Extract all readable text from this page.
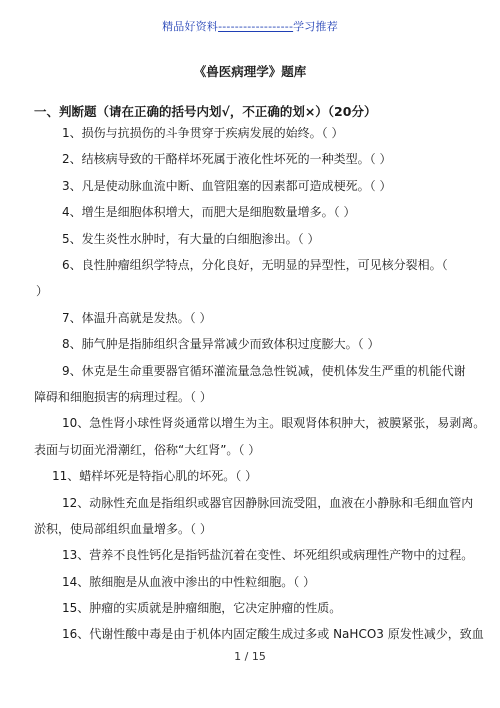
精品好资料------------------学习推荐
《兽医病理学》题库
一、判断题（请在正确的括号内划√，不正确的划×）（20分）
1、损伤与抗损伤的斗争贯穿于疾病发展的始终。（ ）
2、结核病导致的干酪样坏死属于液化性坏死的一种类型。（ ）
3、凡是使动脉血流中断、血管阻塞的因素都可造成梗死。（ ）
4、增生是细胞体积增大，而肥大是细胞数量增多。（ ）
5、发生炎性水肿时，有大量的白细胞渗出。（ ）
6、良性肿瘤组织学特点，分化良好，无明显的异型性，可见核分裂相。（
）
7、体温升高就是发热。（ ）
8、肺气肿是指肺组织含量异常减少而致体积过度膨大。（ ）
9、休克是生命重要器官循环灌流量急急性锐减，使机体发生严重的机能代谢
障碍和细胞损害的病理过程。（ ）
10、急性肾小球性肾炎通常以增生为主。眼观肾体积肿大，被膜紧张，易剥离。
表面与切面光滑潮红，俗称“大红肾”。（ ）
11、蜡样坏死是特指心肌的坏死。（ ）
12、动脉性充血是指组织或器官因静脉回流受阻，血液在小静脉和毛细血管内
淤积，使局部组织血量增多。（ ）
13、营养不良性钙化是指钙盐沉着在变性、坏死组织或病理性产物中的过程。
14、脓细胞是从血液中渗出的中性粒细胞。（ ）
15、肿瘤的实质就是肿瘤细胞，它决定肿瘤的性质。
16、代谢性酸中毒是由于机体内固定酸生成过多或 NaHCO3 原发性减少，致血
1 / 15
